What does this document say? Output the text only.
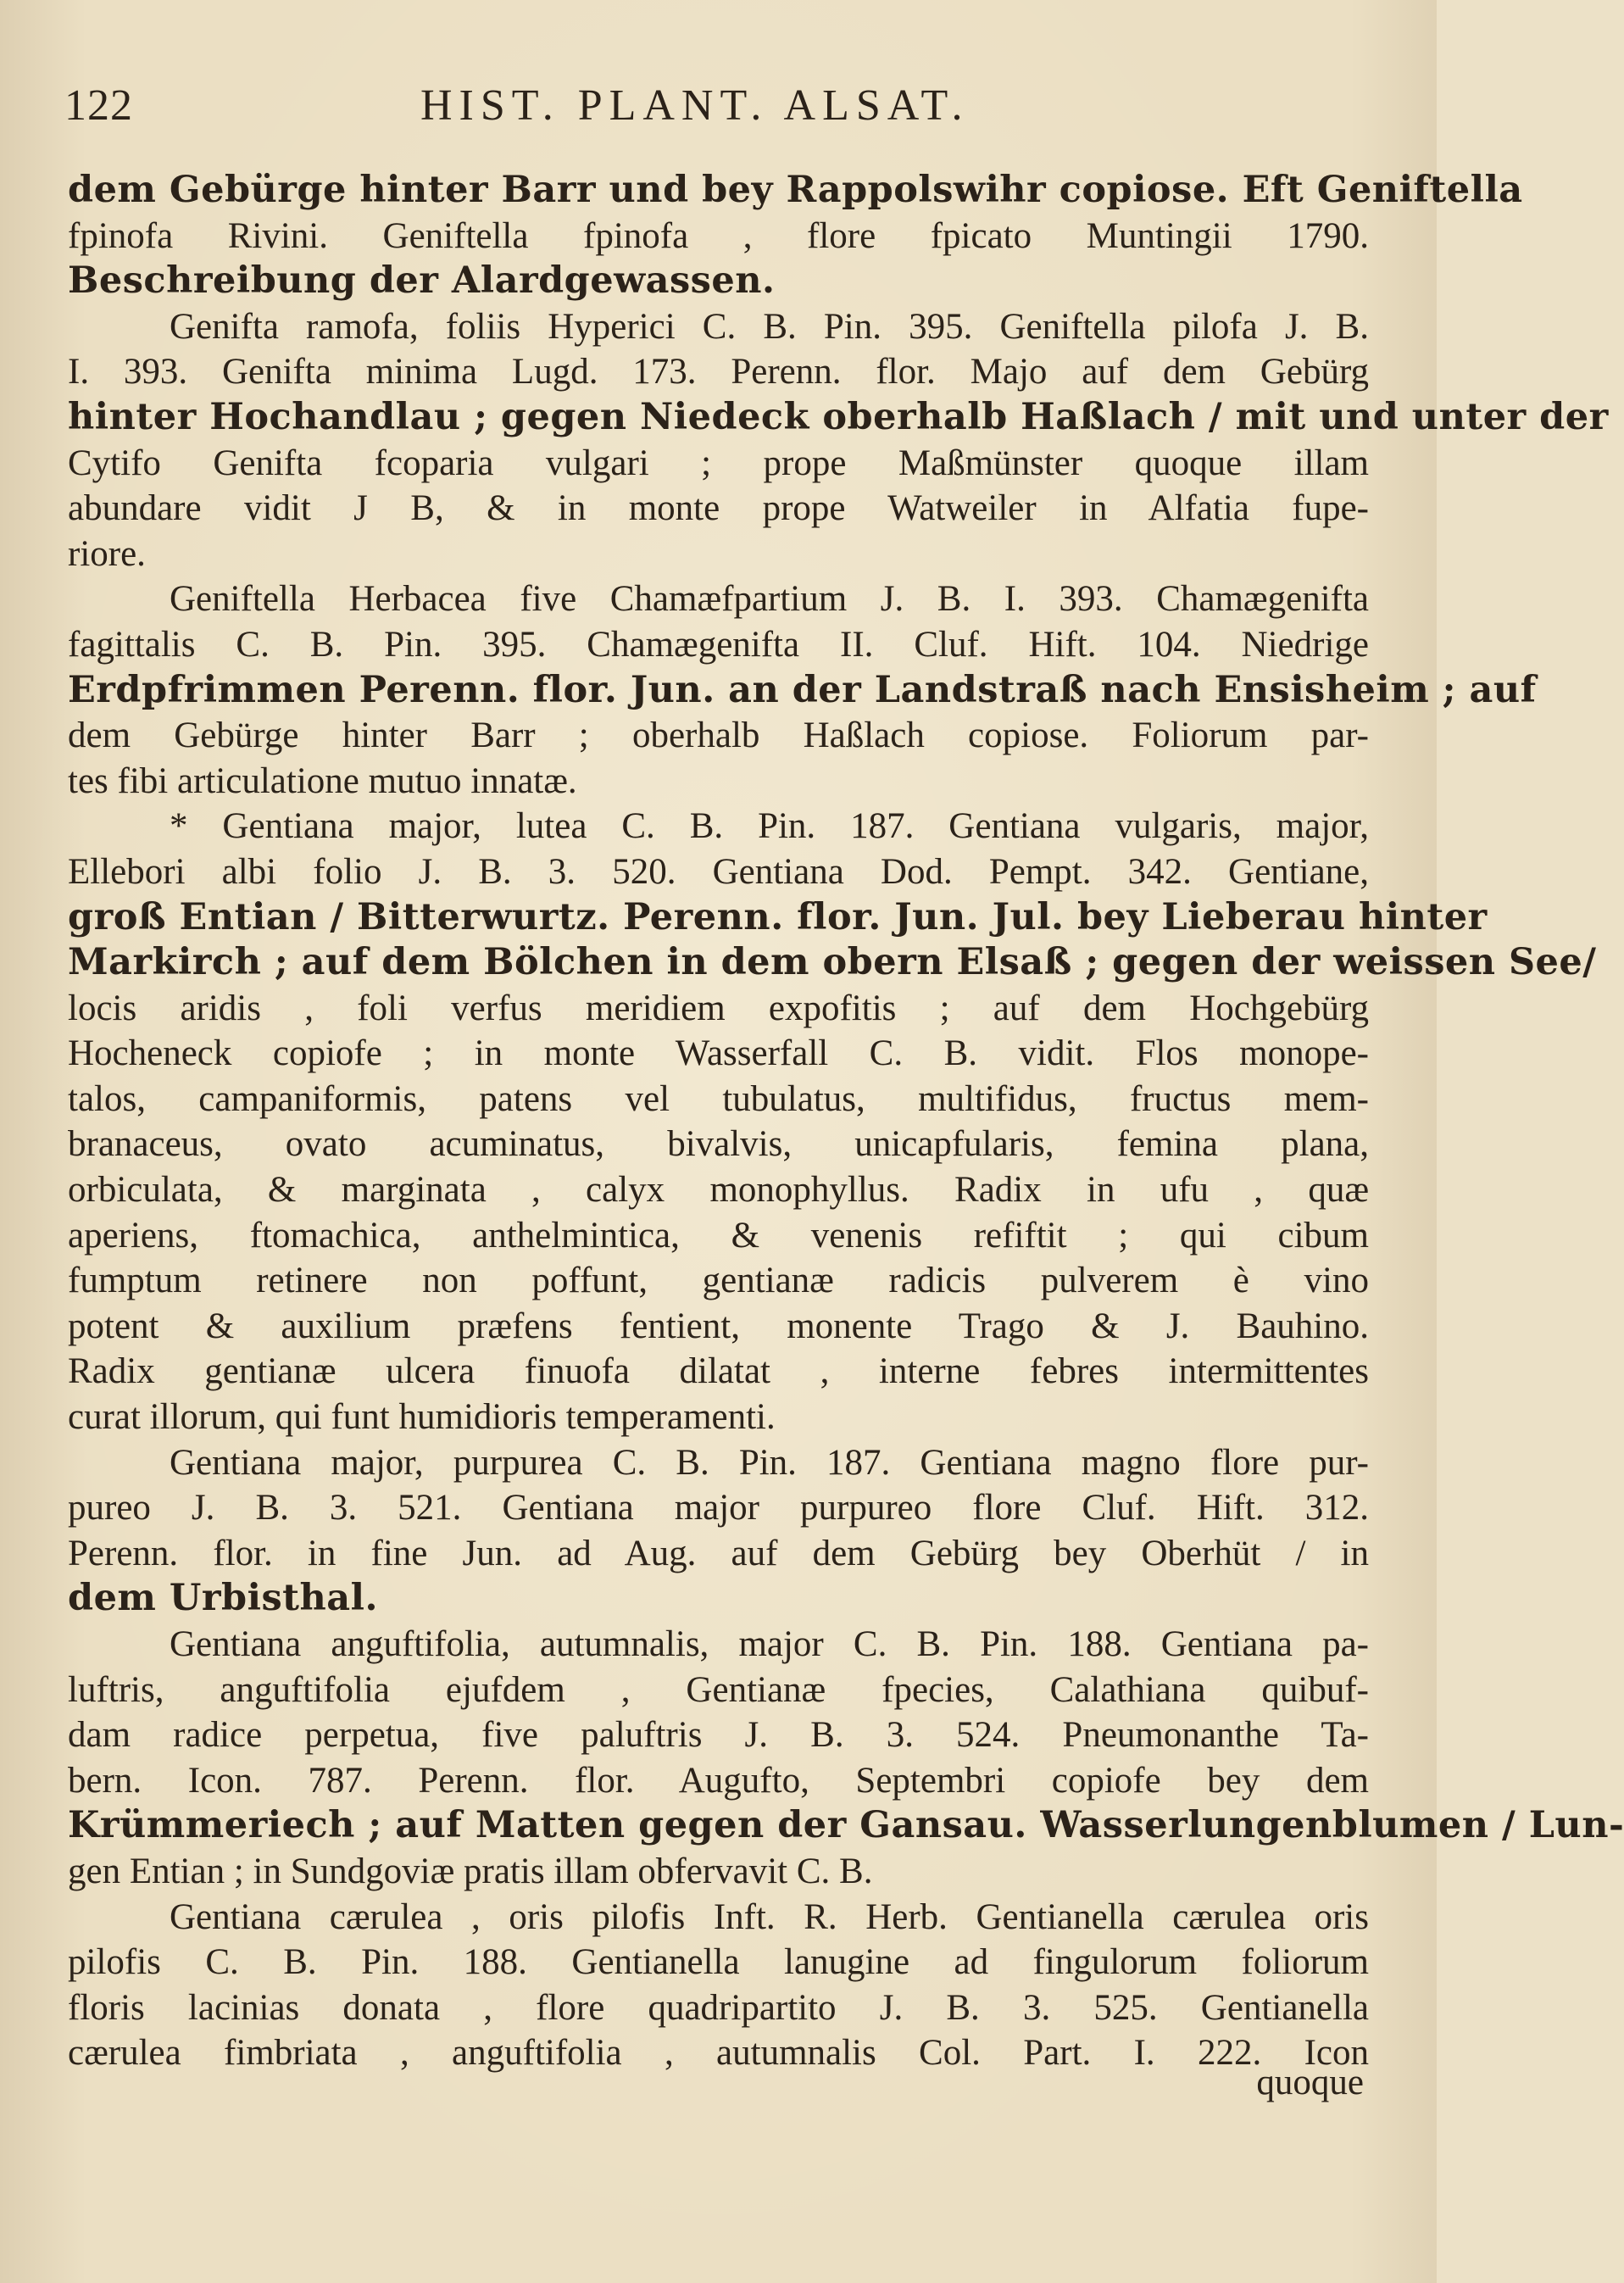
122	HIST. PLANT. ALSAT.
dem Gebürge hinter Barr und bey Rappolswihr copiose. Eft Geniftella
fpinofa Rivini. Geniftella fpinofa , flore fpicato Muntingii 1790.
Beschreibung der Alardgewassen.
Genifta ramofa, foliis Hyperici C. B. Pin. 395. Geniftella pilofa J. B.
I. 393. Genifta minima Lugd. 173. Perenn. flor. Majo auf dem Gebürg
hinter Hochandlau ; gegen Niedeck oberhalb Haßlach / mit und unter der
Cytifo Genifta fcoparia vulgari ; prope Maßmünster quoque illam
abundare vidit J B, & in monte prope Watweiler in Alfatia fupe-
riore.
Geniftella Herbacea five Chamæfpartium J. B. I. 393. Chamægenifta
fagittalis C. B. Pin. 395. Chamægenifta II. Cluf. Hift. 104. Niedrige
Erdpfrimmen Perenn. flor. Jun. an der Landstraß nach Ensisheim ; auf
dem Gebürge hinter Barr ; oberhalb Haßlach copiose. Foliorum par-
tes fibi articulatione mutuo innatæ.
* Gentiana major, lutea C. B. Pin. 187. Gentiana vulgaris, major,
Ellebori albi folio J. B. 3. 520. Gentiana Dod. Pempt. 342. Gentiane,
groß Entian / Bitterwurtz. Perenn. flor. Jun. Jul. bey Lieberau hinter
Markirch ; auf dem Bölchen in dem obern Elsaß ; gegen der weissen See/
locis aridis , foli verfus meridiem expofitis ; auf dem Hochgebürg
Hocheneck copiofe ; in monte Wasserfall C. B. vidit. Flos monope-
talos, campaniformis, patens vel tubulatus, multifidus, fructus mem-
branaceus, ovato acuminatus, bivalvis, unicapfularis, femina plana,
orbiculata, & marginata , calyx monophyllus. Radix in ufu , quæ
aperiens, ftomachica, anthelmintica, & venenis refiftit ; qui cibum
fumptum retinere non poffunt, gentianæ radicis pulverem è vino
potent & auxilium præfens fentient, monente Trago & J. Bauhino.
Radix gentianæ ulcera finuofa dilatat , interne febres intermittentes
curat illorum, qui funt humidioris temperamenti.
Gentiana major, purpurea C. B. Pin. 187. Gentiana magno flore pur-
pureo J. B. 3. 521. Gentiana major purpureo flore Cluf. Hift. 312.
Perenn. flor. in fine Jun. ad Aug. auf dem Gebürg bey Oberhüt / in
dem Urbisthal.
Gentiana anguftifolia, autumnalis, major C. B. Pin. 188. Gentiana pa-
luftris, anguftifolia ejufdem , Gentianæ fpecies, Calathiana quibuf-
dam radice perpetua, five paluftris J. B. 3. 524. Pneumonanthe Ta-
bern. Icon. 787. Perenn. flor. Augufto, Septembri copiofe bey dem
Krümmeriech ; auf Matten gegen der Gansau. Wasserlungenblumen / Lun-
gen Entian ; in Sundgoviæ pratis illam obfervavit C. B.
Gentiana cærulea , oris pilofis Inft. R. Herb. Gentianella cærulea oris
pilofis C. B. Pin. 188. Gentianella lanugine ad fingulorum foliorum
floris lacinias donata , flore quadripartito J. B. 3. 525. Gentianella
cærulea fimbriata , anguftifolia , autumnalis Col. Part. I. 222. Icon
quoque
